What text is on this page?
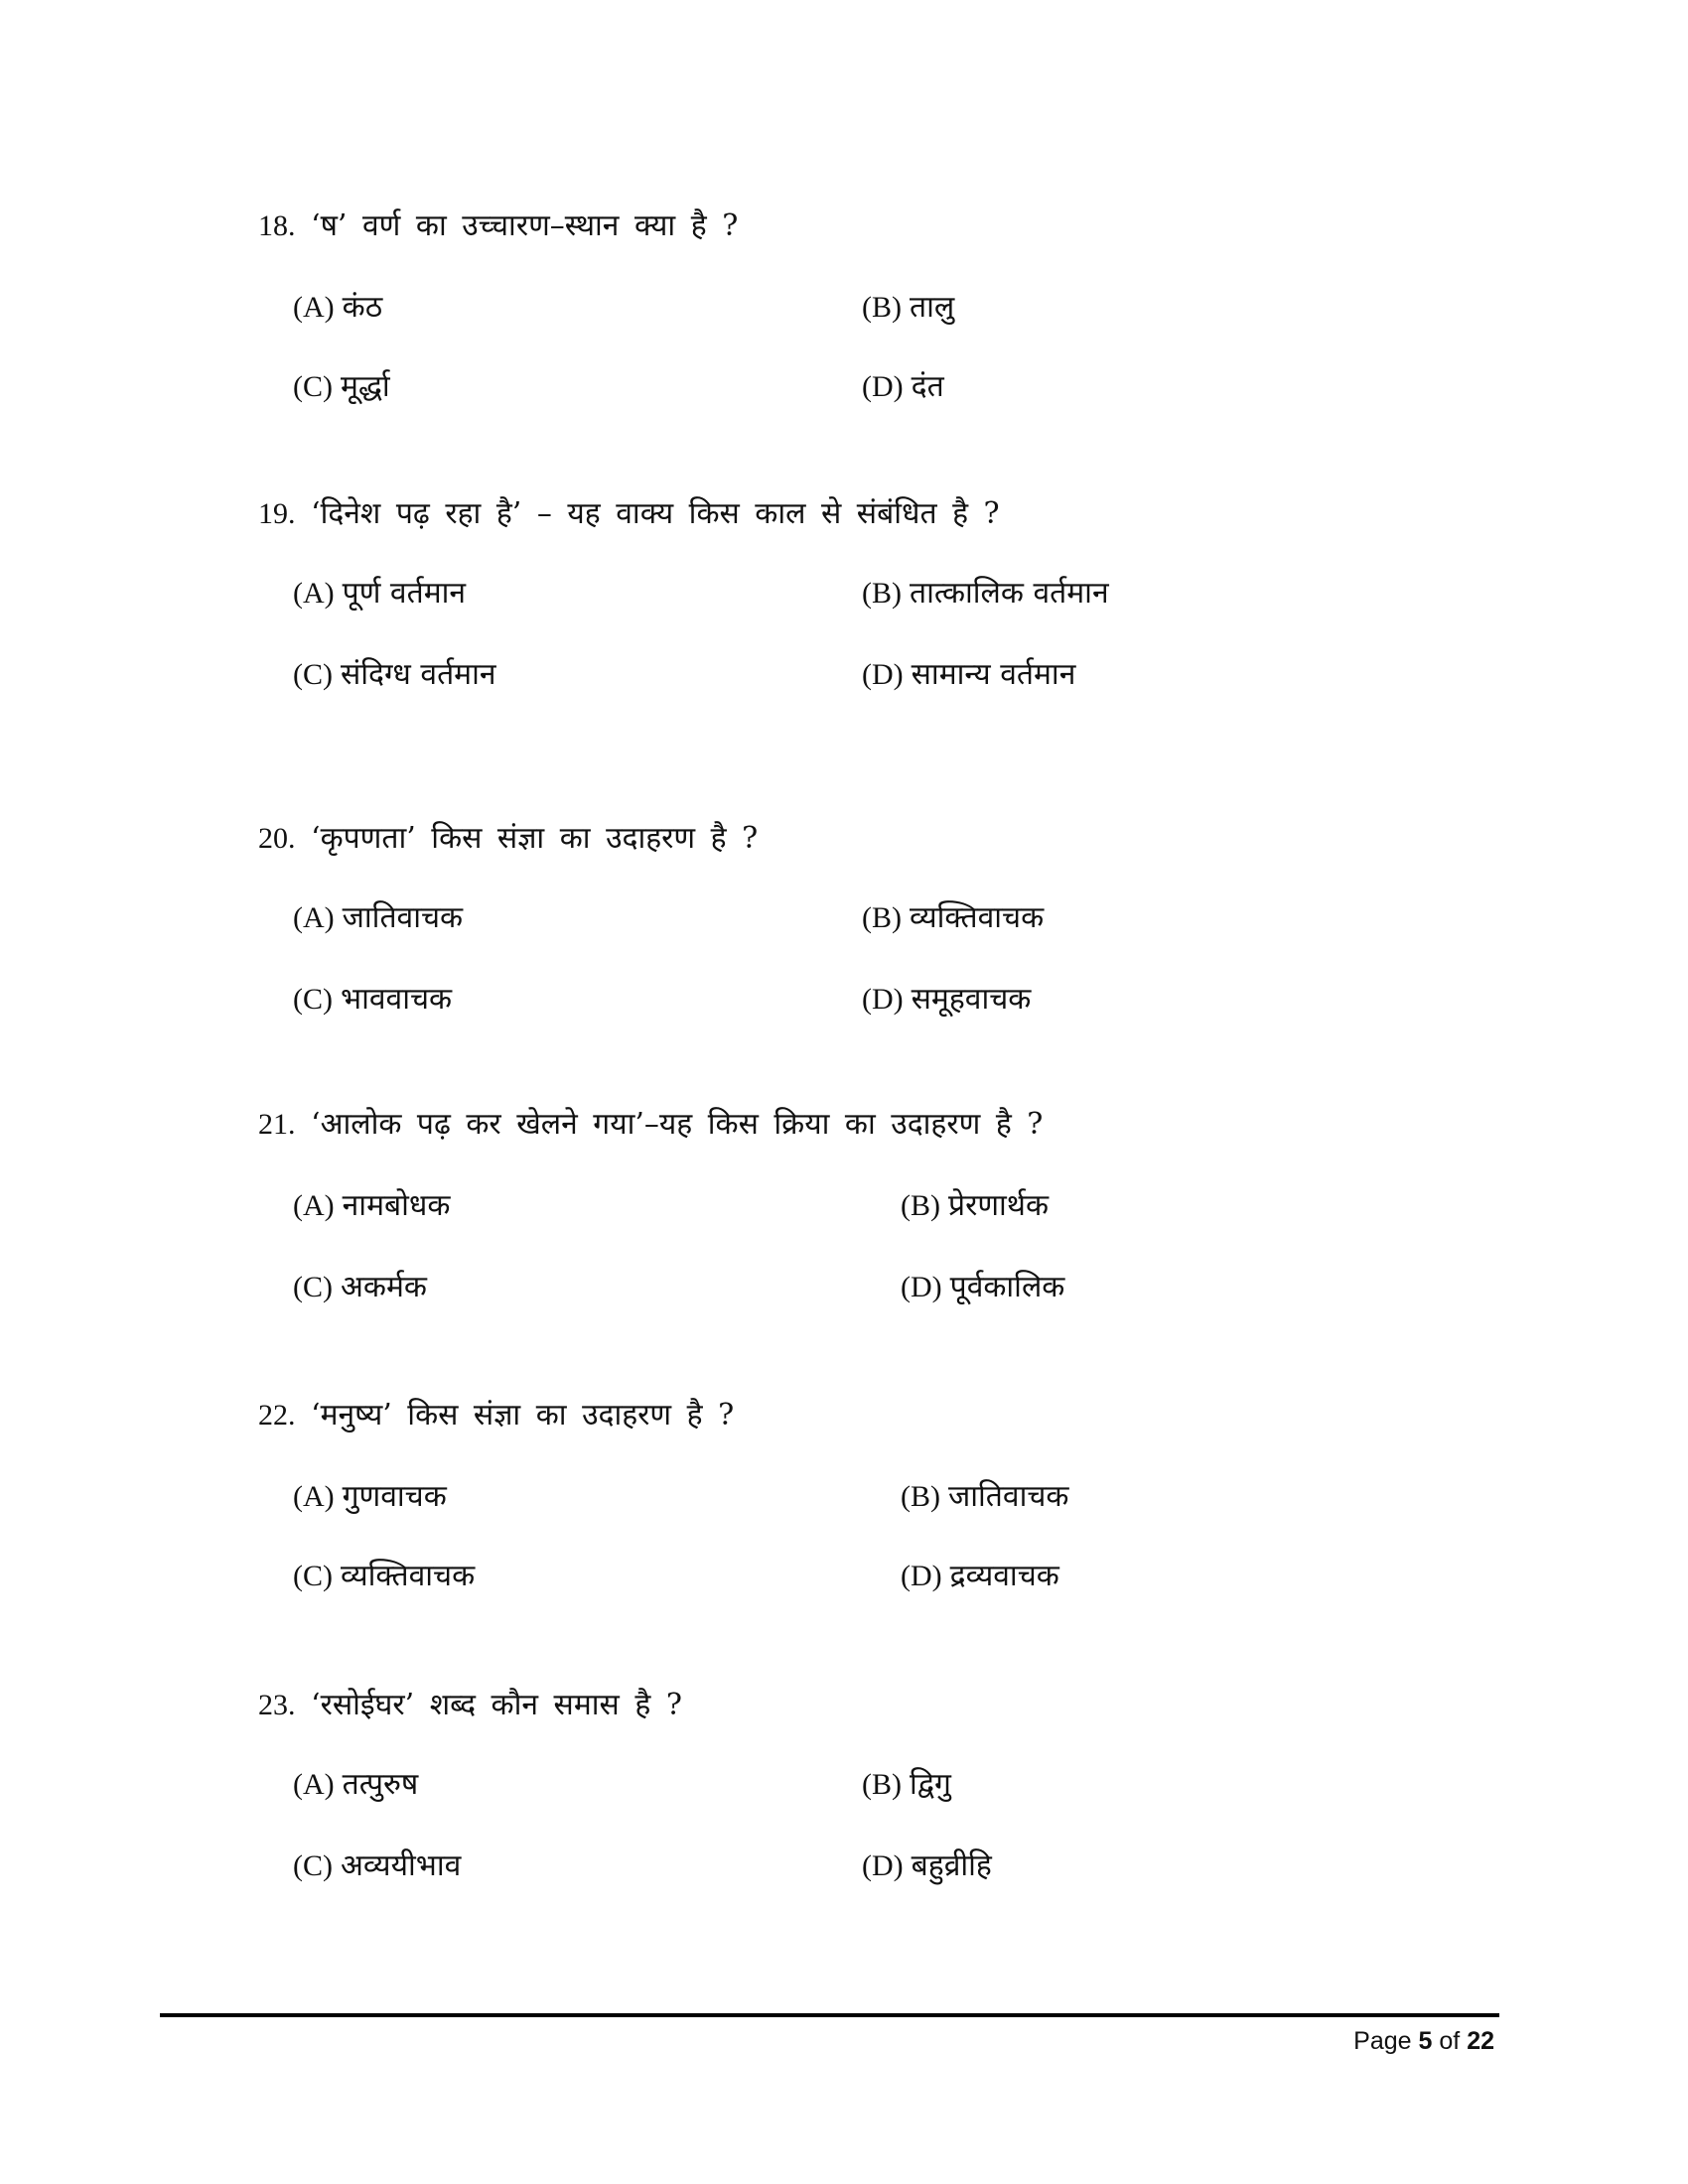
18. ‘ष’ वर्ण का उच्चारण–स्थान क्या है ?
(A) कंठ	(B) तालु
(C) मूर्द्धा	(D) दंत
19. ‘दिनेश पढ़ रहा है’ – यह वाक्य किस काल से संबंधित है ?
(A) पूर्ण वर्तमान	(B) तात्कालिक वर्तमान
(C) संदिग्ध वर्तमान	(D) सामान्य वर्तमान
20. ‘कृपणता’ किस संज्ञा का उदाहरण है ?
(A) जातिवाचक	(B) व्यक्तिवाचक
(C) भाववाचक	(D) समूहवाचक
21. ‘आलोक पढ़ कर खेलने गया’–यह किस क्रिया का उदाहरण है ?
(A) नामबोधक	(B) प्रेरणार्थक
(C) अकर्मक	(D) पूर्वकालिक
22. ‘मनुष्य’ किस संज्ञा का उदाहरण है ?
(A) गुणवाचक	(B) जातिवाचक
(C) व्यक्तिवाचक	(D) द्रव्यवाचक
23. ‘रसोईघर’ शब्द कौन समास है ?
(A) तत्पुरुष	(B) द्विगु
(C) अव्ययीभाव	(D) बहुव्रीहि
Page 5 of 22
